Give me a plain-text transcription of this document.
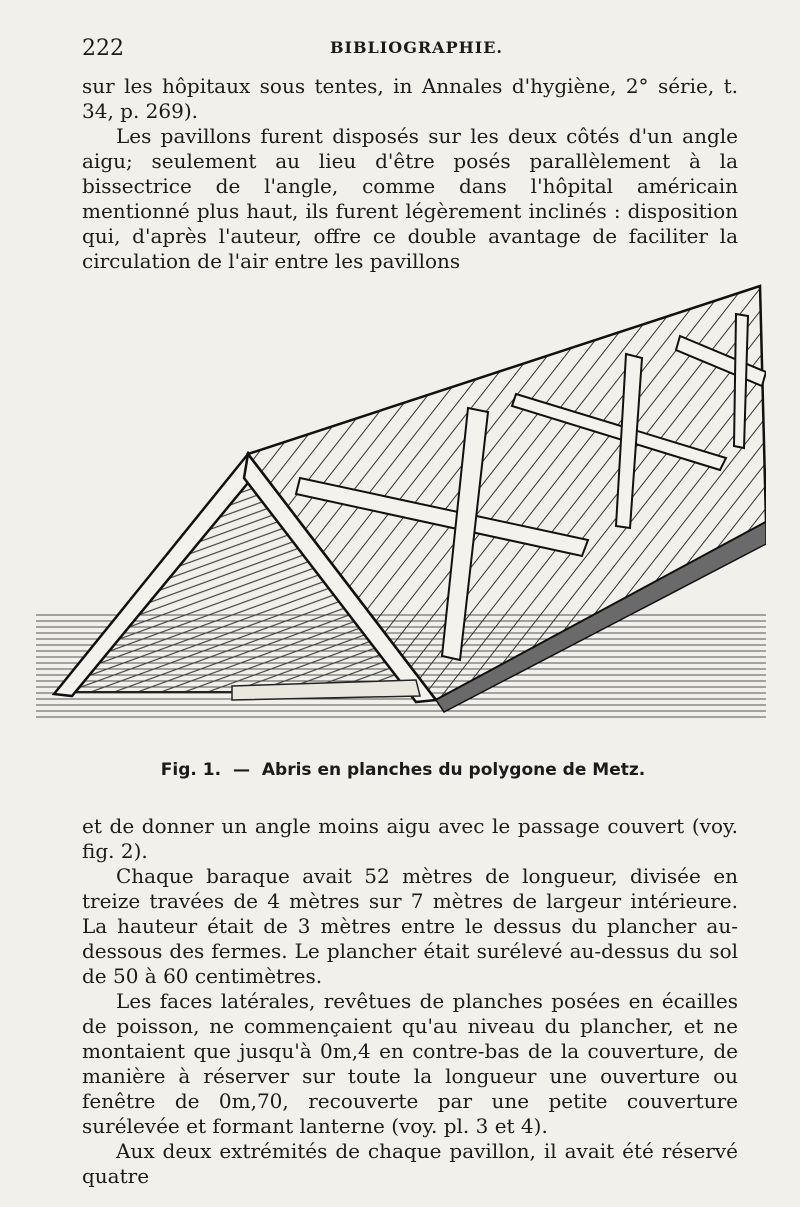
222	BIBLIOGRAPHIE.

sur les hôpitaux sous tentes, in Annales d'hygiène, 2° série, t. 34, p. 269).

Les pavillons furent disposés sur les deux côtés d'un angle aigu; seulement au lieu d'être posés parallèlement à la bissectrice de l'angle, comme dans l'hôpital américain mentionné plus haut, ils furent légèrement inclinés : disposition qui, d'après l'auteur, offre ce double avantage de faciliter la circulation de l'air entre les pavillons

Fig. 1. — Abris en planches du polygone de Metz.

et de donner un angle moins aigu avec le passage couvert (voy. fig. 2).

Chaque baraque avait 52 mètres de longueur, divisée en treize travées de 4 mètres sur 7 mètres de largeur intérieure. La hauteur était de 3 mètres entre le dessus du plancher au-dessous des fermes. Le plancher était surélevé au-dessus du sol de 50 à 60 centimètres.

Les faces latérales, revêtues de planches posées en écailles de poisson, ne commençaient qu'au niveau du plancher, et ne montaient que jusqu'à 0m,4 en contre-bas de la couverture, de manière à réserver sur toute la longueur une ouverture ou fenêtre de 0m,70, recouverte par une petite couverture surélevée et formant lanterne (voy. pl. 3 et 4).

Aux deux extrémités de chaque pavillon, il avait été réservé quatre
